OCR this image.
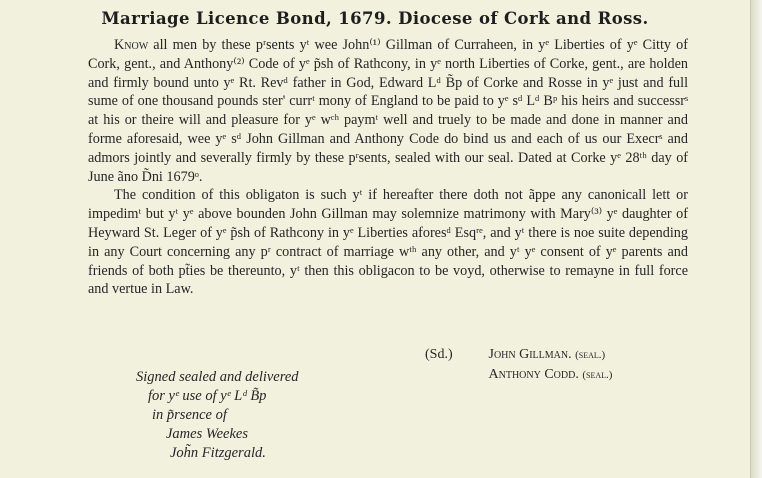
Marriage Licence Bond, 1679. Diocese of Cork and Ross.

Know all men by these pʳsents yᵗ wee John⁽¹⁾ Gillman of Curraheen, in yᵉ Liberties of yᵉ Citty of Cork, gent., and Anthony⁽²⁾ Code of yᵉ p̃sh of Rathcony, in yᵉ north Liberties of Corke, gent., are holden and firmly bound unto yᵉ Rt. Revᵈ father in God, Edward Lᵈ B̃p of Corke and Rosse in yᵉ just and full sume of one thousand pounds ster' currᵗ mony of England to be paid to yᵉ sᵈ Lᵈ Bᵖ his heirs and successrˢ at his or theire will and pleasure for yᵉ wᶜʰ paymᵗ well and truely to be made and done in manner and forme aforesaid, wee yᵉ sᵈ John Gillman and Anthony Code do bind us and each of us our Execrˢ and admors jointly and severally firmly by these pʳsents, sealed with our seal. Dated at Corke yᵉ 28ᵗʰ day of June ãno D̃ni 1679ᵒ.

The condition of this obligaton is such yᵗ if hereafter there doth not ãppe any canonicall lett or impedimᵗ but yᵗ yᵉ above bounden John Gillman may solemnize matrimony with Mary⁽³⁾ yᵉ daughter of Heyward St. Leger of yᵉ p̃sh of Rathcony in yᵉ Liberties aforesᵈ Esqʳᵉ, and yᵗ there is noe suite depending in any Court concerning any pʳ contract of marriage wᵗʰ any other, and yᵗ yᵉ consent of yᵉ parents and friends of both pt̃ies be thereunto, yᵗ then this obligacon to be voyd, otherwise to remayne in full force and vertue in Law.

(Sd.)	John Gillman. (seal.)
Anthony Codd. (seal.)
Signed sealed and delivered
for yᵉ use of yᵉ Lᵈ B̃p
in p̃rsence of
James Weekes
Joh̃n Fitzgerald.
